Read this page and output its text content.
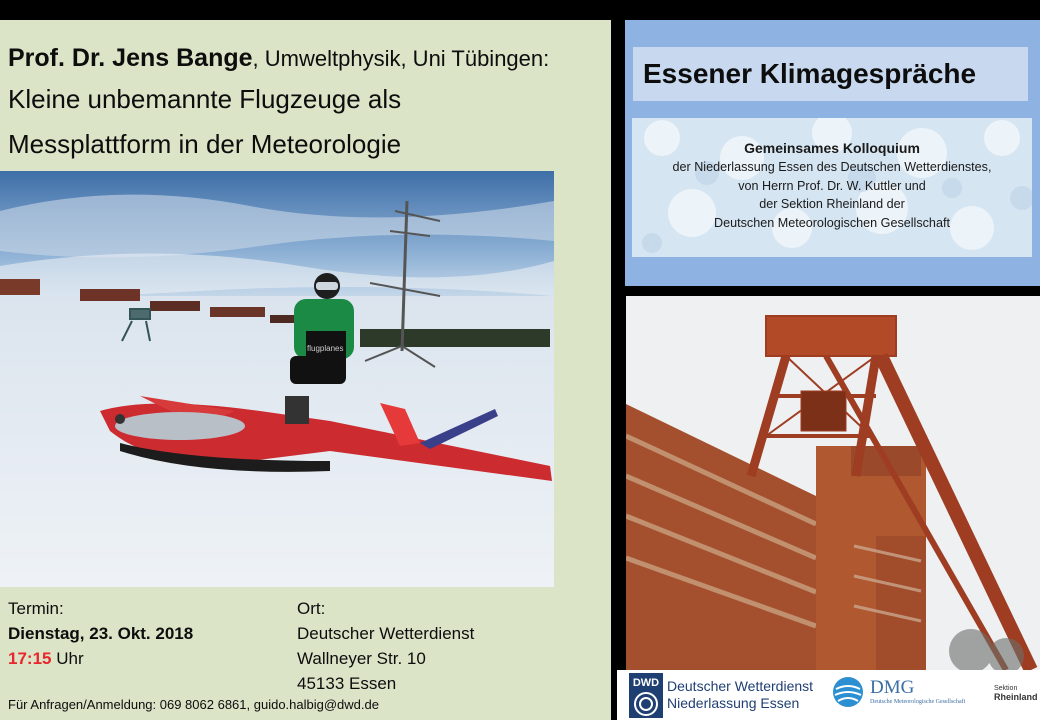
Prof. Dr. Jens Bange, Umweltphysik, Uni Tübingen:
Kleine unbemannte Flugzeuge als
Messplattform in der Meteorologie
flugplanes
Termin:
Dienstag, 23. Okt. 2018
17:15 Uhr
Ort:
Deutscher Wetterdienst
Wallneyer Str. 10
45133 Essen
Für Anfragen/Anmeldung: 069 8062 6861, guido.halbig@dwd.de
Essener Klimagespräche
Gemeinsames Kolloquium
der Niederlassung Essen des Deutschen Wetterdienstes,
von Herrn Prof. Dr. W. Kuttler und
der Sektion Rheinland der
Deutschen Meteorologischen Gesellschaft
DWD Deutscher Wetterdienst
Niederlassung Essen
DMG
Deutsche Meteorologische Gesellschaft
Sektion
Rheinland
